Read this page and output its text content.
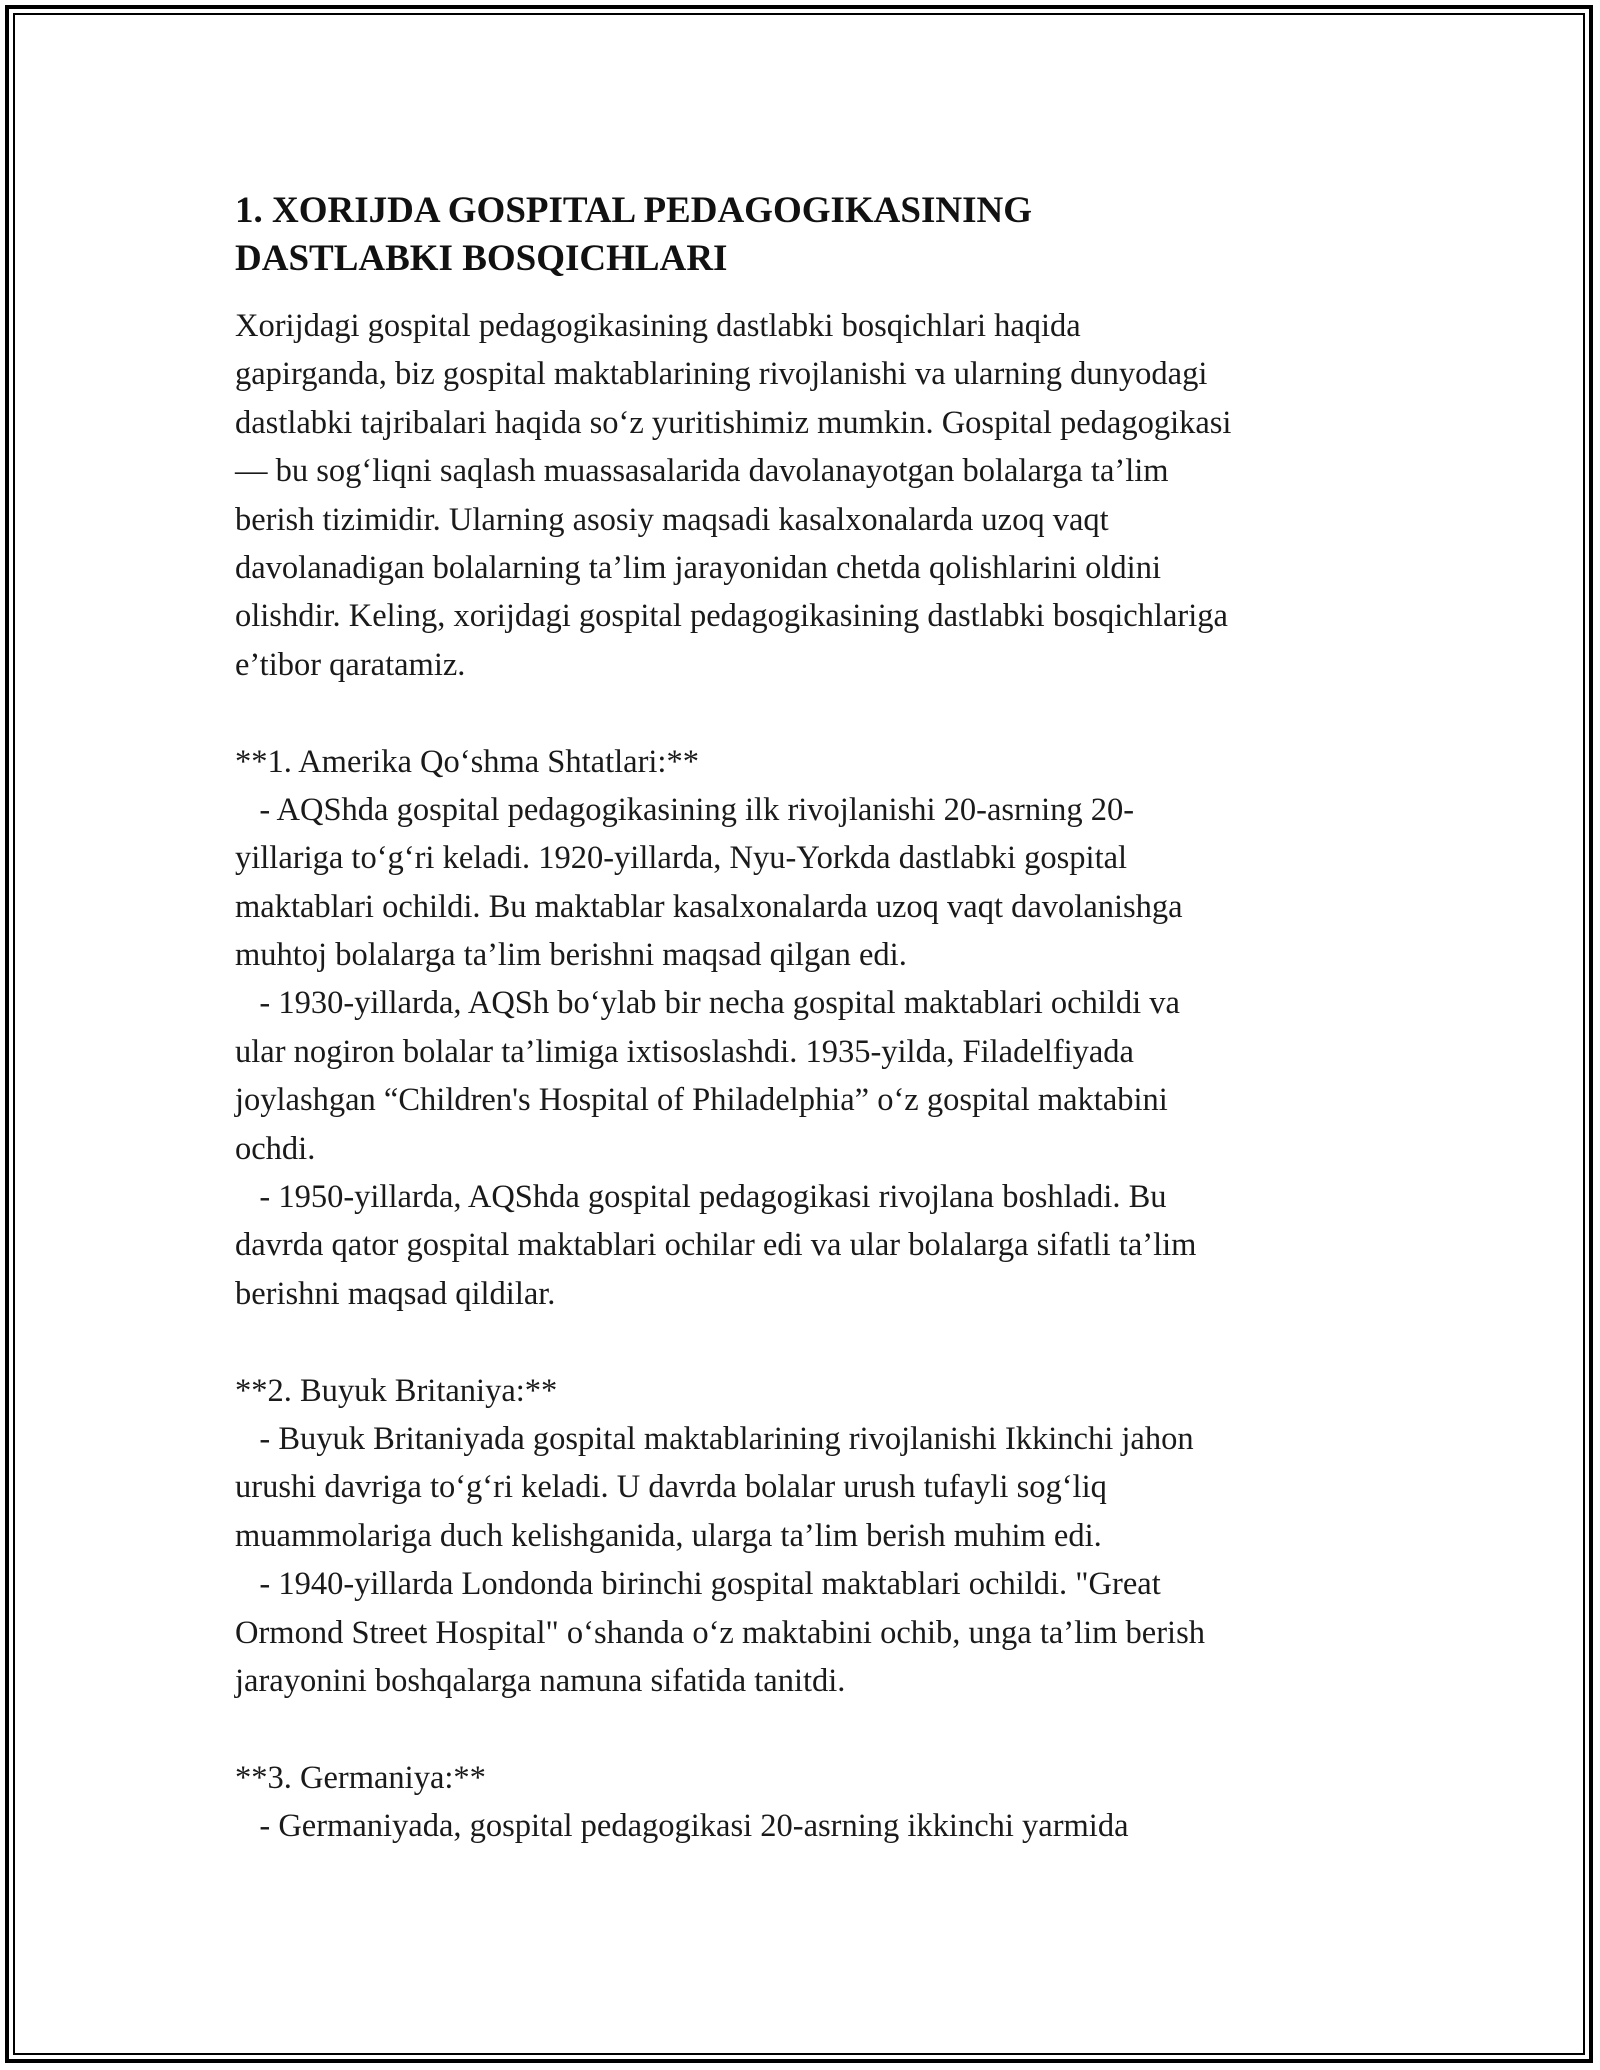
1. XORIJDA GOSPITAL PEDAGOGIKASINING
DASTLABKI BOSQICHLARI
Xorijdagi gospital pedagogikasining dastlabki bosqichlari haqida
gapirganda, biz gospital maktablarining rivojlanishi va ularning dunyodagi
dastlabki tajribalari haqida so‘z yuritishimiz mumkin. Gospital pedagogikasi
— bu sog‘liqni saqlash muassasalarida davolanayotgan bolalarga ta’lim
berish tizimidir. Ularning asosiy maqsadi kasalxonalarda uzoq vaqt
davolanadigan bolalarning ta’lim jarayonidan chetda qolishlarini oldini
olishdir. Keling, xorijdagi gospital pedagogikasining dastlabki bosqichlariga
e’tibor qaratamiz.
**1. Amerika Qo‘shma Shtatlari:**
- AQShda gospital pedagogikasining ilk rivojlanishi 20-asrning 20-
yillariga to‘g‘ri keladi. 1920-yillarda, Nyu-Yorkda dastlabki gospital
maktablari ochildi. Bu maktablar kasalxonalarda uzoq vaqt davolanishga
muhtoj bolalarga ta’lim berishni maqsad qilgan edi.
- 1930-yillarda, AQSh bo‘ylab bir necha gospital maktablari ochildi va
ular nogiron bolalar ta’limiga ixtisoslashdi. 1935-yilda, Filadelfiyada
joylashgan “Children's Hospital of Philadelphia” o‘z gospital maktabini
ochdi.
- 1950-yillarda, AQShda gospital pedagogikasi rivojlana boshladi. Bu
davrda qator gospital maktablari ochilar edi va ular bolalarga sifatli ta’lim
berishni maqsad qildilar.
**2. Buyuk Britaniya:**
- Buyuk Britaniyada gospital maktablarining rivojlanishi Ikkinchi jahon
urushi davriga to‘g‘ri keladi. U davrda bolalar urush tufayli sog‘liq
muammolariga duch kelishganida, ularga ta’lim berish muhim edi.
- 1940-yillarda Londonda birinchi gospital maktablari ochildi. "Great
Ormond Street Hospital" o‘shanda o‘z maktabini ochib, unga ta’lim berish
jarayonini boshqalarga namuna sifatida tanitdi.
**3. Germaniya:**
- Germaniyada, gospital pedagogikasi 20-asrning ikkinchi yarmida
